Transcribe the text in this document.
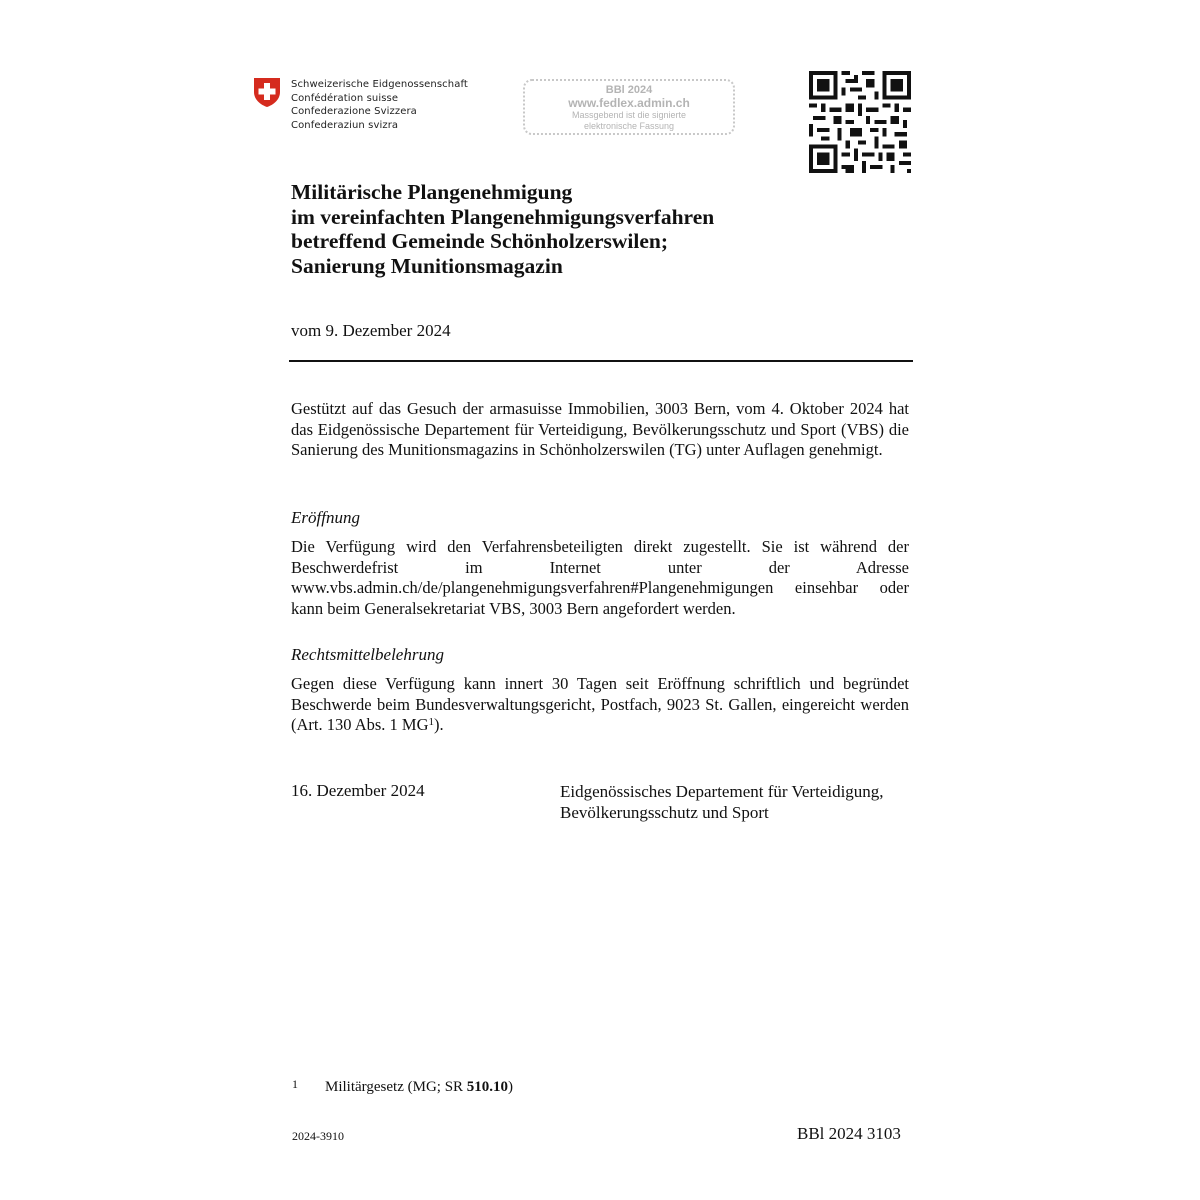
Schweizerische Eidgenossenschaft
Confédération suisse
Confederazione Svizzera
Confederaziun svizra
BBl 2024
www.fedlex.admin.ch
Massgebend ist die signierte
elektronische Fassung
Militärische Plangenehmigung
im vereinfachten Plangenehmigungsverfahren
betreffend Gemeinde Schönholzerswilen;
Sanierung Munitionsmagazin
vom 9. Dezember 2024
Gestützt auf das Gesuch der armasuisse Immobilien, 3003 Bern, vom 4. Oktober 2024 hat das Eidgenössische Departement für Verteidigung, Bevölkerungsschutz und Sport (VBS) die Sanierung des Munitionsmagazins in Schönholzerswilen (TG) unter Auflagen genehmigt.
Eröffnung
Die Verfügung wird den Verfahrensbeteiligten direkt zugestellt. Sie ist während der Beschwerdefrist im Internet unter der Adresse www.vbs.admin.ch/de/plangenehmigungsverfahren#Plangenehmigungen einsehbar oder kann beim Generalsekretariat VBS, 3003 Bern angefordert werden.
Rechtsmittelbelehrung
Gegen diese Verfügung kann innert 30 Tagen seit Eröffnung schriftlich und begründet Beschwerde beim Bundesverwaltungsgericht, Postfach, 9023 St. Gallen, eingereicht werden (Art. 130 Abs. 1 $MG^1$).
16. Dezember 2024	Eidgenössisches Departement für Verteidigung,
Bevölkerungsschutz und Sport
1 Militärgesetz (MG; SR 510.10)
2024-3910	BBl 2024 3103
